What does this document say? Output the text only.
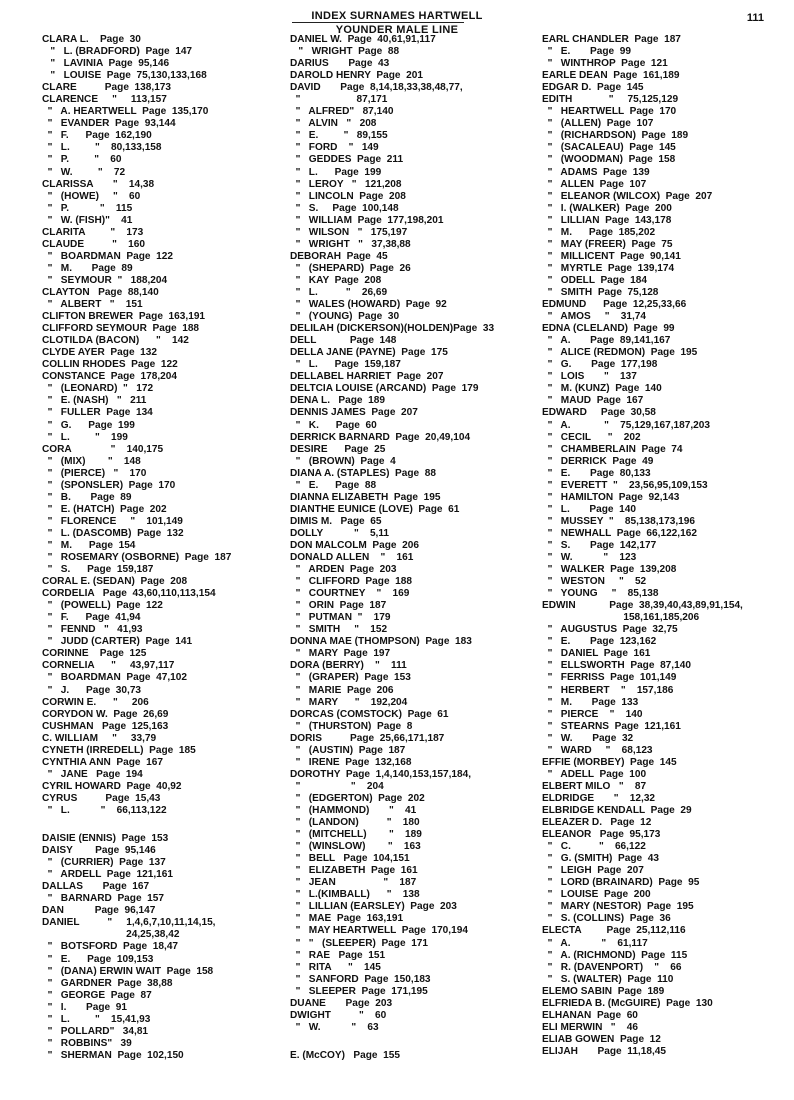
INDEX SURNAMES HARTWELL
YOUNDER MALE LINE
111
CLARA L.    Page  30
"   L. (BRADFORD)  Page  147
"   LAVINIA  Page  95,146
"   LOUISE  Page  75,130,133,168
CLARE          Page  138,173
CLARENCE     "     113,157
"   A. HEARTWELL  Page  135,170
"   EVANDER  Page  93,144
"   F.      Page  162,190
"   L.         "    80,133,158
"   P.         "    60
"   W.         "    72
CLARISSA       "    14,38
"   (HOWE)     "    60
"   P.           "    115
"   W. (FISH)"    41
CLARITA         "    173
CLAUDE          "    160
"   BOARDMAN  Page  122
"   M.       Page  89
"   SEYMOUR  "   188,204
CLAYTON   Page  88,140
"   ALBERT   "    151
CLIFTON BREWER  Page  163,191
CLIFFORD SEYMOUR  Page  188
CLOTILDA (BACON)      "    142
CLYDE AYER  Page  132
COLLIN RHODES  Page  122
CONSTANCE  Page  178,204
"   (LEONARD)  "   172
"   E. (NASH)   "   211
"   FULLER  Page  134
"   G.      Page  199
"   L.         "    199
CORA              "    140,175
"   (MIX)        "    148
"   (PIERCE)   "    170
"   (SPONSLER)  Page  170
"   B.       Page  89
"   E. (HATCH)  Page  202
"   FLORENCE     "    101,149
"   L. (DASCOMB)  Page  132
"   M.      Page  154
"   ROSEMARY (OSBORNE)  Page  187
"   S.      Page  159,187
CORAL E. (SEDAN)  Page  208
CORDELIA   Page  43,60,110,113,154
"   (POWELL)  Page  122
"   F.      Page  41,94
"   FENND   "   41,93
"   JUDD (CARTER)  Page  141
CORINNE    Page  125
CORNELIA      "     43,97,117
"   BOARDMAN  Page  47,102
"   J.      Page  30,73
CORWIN E.      "     206
CORYDON W.  Page  26,69
CUSHMAN   Page  125,163
C. WILLIAM     "     33,79
CYNETH (IRREDELL)  Page  185
CYNTHIA ANN  Page  167
"   JANE   Page  194
CYRIL HOWARD  Page  40,92
CYRUS          Page  15,43
"   L.           "    66,113,122
DAISIE (ENNIS)  Page  153
DAISY        Page  95,146
"   (CURRIER)  Page  137
"   ARDELL  Page  121,161
DALLAS       Page  167
"   BARNARD  Page  157
DAN           Page  96,147
DANIEL          "     1,4,6,7,10,11,14,15,
24,25,38,42
"   BOTSFORD  Page  18,47
"   E.      Page  109,153
"   (DANA) ERWIN WAIT  Page  158
"   GARDNER  Page  38,88
"   GEORGE  Page  87
"   I.       Page  91
"   L.         "    15,41,93
"   POLLARD"   34,81
"   ROBBINS"   39
"   SHERMAN  Page  102,150
DANIEL W.  Page  40,61,91,117
"   WRIGHT  Page  88
DARIUS       Page  43
DAROLD HENRY  Page  201
DAVID       Page  8,14,18,33,38,48,77,
"                    87,171
"   ALFRED"   87,140
"   ALVIN   "   208
"   E.         "   89,155
"   FORD    "   149
"   GEDDES  Page  211
"   L.      Page  199
"   LEROY   "   121,208
"   LINCOLN  Page  208
"   S.     Page  100,148
"   WILLIAM  Page  177,198,201
"   WILSON   "   175,197
"   WRIGHT   "   37,38,88
DEBORAH  Page  45
"   (SHEPARD)  Page  26
"   KAY  Page  208
"   L.          "    26,69
"   WALES (HOWARD)  Page  92
"   (YOUNG)  Page  30
DELILAH (DICKERSON)(HOLDEN)Page  33
DELL            Page  148
DELLA JANE (PAYNE)  Page  175
"   L.      Page  159,187
DELLABEL HARRIET  Page  207
DELTCIA LOUISE (ARCAND)  Page  179
DENA L.   Page  189
DENNIS JAMES  Page  207
"   K.      Page  60
DERRICK BARNARD  Page  20,49,104
DESIRE      Page  25
"   (BROWN)  Page  4
DIANA A. (STAPLES)  Page  88
"   E.      Page  88
DIANNA ELIZABETH  Page  195
DIANTHE EUNICE (LOVE)  Page  61
DIMIS M.   Page  65
DOLLY           "    5,11
DON MALCOLM  Page  206
DONALD ALLEN    "    161
"   ARDEN  Page  203
"   CLIFFORD  Page  188
"   COURTNEY    "    169
"   ORIN  Page  187
"   PUTMAN  "    179
"   SMITH     "    152
DONNA MAE (THOMPSON)  Page  183
"   MARY  Page  197
DORA (BERRY)    "    111
"   (GRAPER)  Page  153
"   MARIE  Page  206
"   MARY      "    192,204
DORCAS (COMSTOCK)  Page  61
"   (THURSTON)  Page  8
DORIS          Page  25,66,171,187
"   (AUSTIN)  Page  187
"   IRENE  Page  132,168
DOROTHY  Page  1,4,140,153,157,184,
"                  "    204
"   (EDGERTON)  Page  202
"   (HAMMOND)       "    41
"   (LANDON)          "    180
"   (MITCHELL)        "    189
"   (WINSLOW)        "    163
"   BELL   Page  104,151
"   ELIZABETH  Page  161
"   JEAN                 "    187
"   L.(KIMBALL)      "    138
"   LILLIAN (EARSLEY)  Page  203
"   MAE  Page  163,191
"   MAY HEARTWELL  Page  170,194
"   "   (SLEEPER)  Page  171
"   RAE   Page  151
"   RITA      "    145
"   SANFORD  Page  150,183
"   SLEEPER  Page  171,195
DUANE       Page  203
DWIGHT          "    60
"   W.           "    63
E. (McCOY)   Page  155
EARL CHANDLER  Page  187
"   E.       Page  99
"   WINTHROP  Page  121
EARLE DEAN  Page  161,189
EDGAR D.  Page  145
EDITH             "     75,125,129
"   HEARTWELL  Page  170
"   (ALLEN)  Page  107
"   (RICHARDSON)  Page  189
"   (SACALEAU)  Page  145
"   (WOODMAN)  Page  158
"   ADAMS  Page  139
"   ALLEN  Page  107
"   ELEANOR (WILCOX)  Page  207
"   I. (WALKER)  Page  200
"   LILLIAN  Page  143,178
"   M.      Page  185,202
"   MAY (FREER)  Page  75
"   MILLICENT  Page  90,141
"   MYRTLE  Page  139,174
"   ODELL  Page  184
"   SMITH  Page  75,128
EDMUND      Page  12,25,33,66
"   AMOS     "    31,74
EDNA (CLELAND)  Page  99
"   A.       Page  89,141,167
"   ALICE (REDMON)  Page  195
"   G.       Page  177,198
"   LOIS       "    137
"   M. (KUNZ)  Page  140
"   MAUD  Page  167
EDWARD     Page  30,58
"   A.            "    75,129,167,187,203
"   CECIL      "    202
"   CHAMBERLAIN  Page  74
"   DERRICK  Page  49
"   E.       Page  80,133
"   EVERETT  "    23,56,95,109,153
"   HAMILTON  Page  92,143
"   L.       Page  140
"   MUSSEY  "    85,138,173,196
"   NEWHALL  Page  66,122,162
"   S.       Page  142,177
"   W.           "    123
"   WALKER  Page  139,208
"   WESTON     "    52
"   YOUNG     "    85,138
EDWIN            Page  38,39,40,43,89,91,154,
158,161,185,206
"   AUGUSTUS  Page  32,75
"   E.       Page  123,162
"   DANIEL  Page  161
"   ELLSWORTH  Page  87,140
"   FERRISS  Page  101,149
"   HERBERT    "    157,186
"   M.       Page  133
"   PIERCE    "    140
"   STEARNS  Page  121,161
"   W.       Page  32
"   WARD     "    68,123
EFFIE (MORBEY)  Page  145
"   ADELL  Page  100
ELBERT MILO   "    87
ELDRIDGE       "    12,32
ELBRIDGE KENDALL  Page  29
ELEAZER D.   Page  12
ELEANOR   Page  95,173
"   C.          "    66,122
"   G. (SMITH)  Page  43
"   LEIGH  Page  207
"   LORD (BRAINARD)  Page  95
"   LOUISE  Page  200
"   MARY (NESTOR)  Page  195
"   S. (COLLINS)  Page  36
ELECTA         Page  25,112,116
"   A.           "    61,117
"   A. (RICHMOND)  Page  115
"   R. (DAVENPORT)    "    66
"   S. (WALTER)  Page  110
ELEMO SABIN  Page  189
ELFRIEDA B. (McGUIRE)  Page  130
ELHANAN  Page  60
ELI MERWIN   "    46
ELIAB GOWEN  Page  12
ELIJAH       Page  11,18,45
